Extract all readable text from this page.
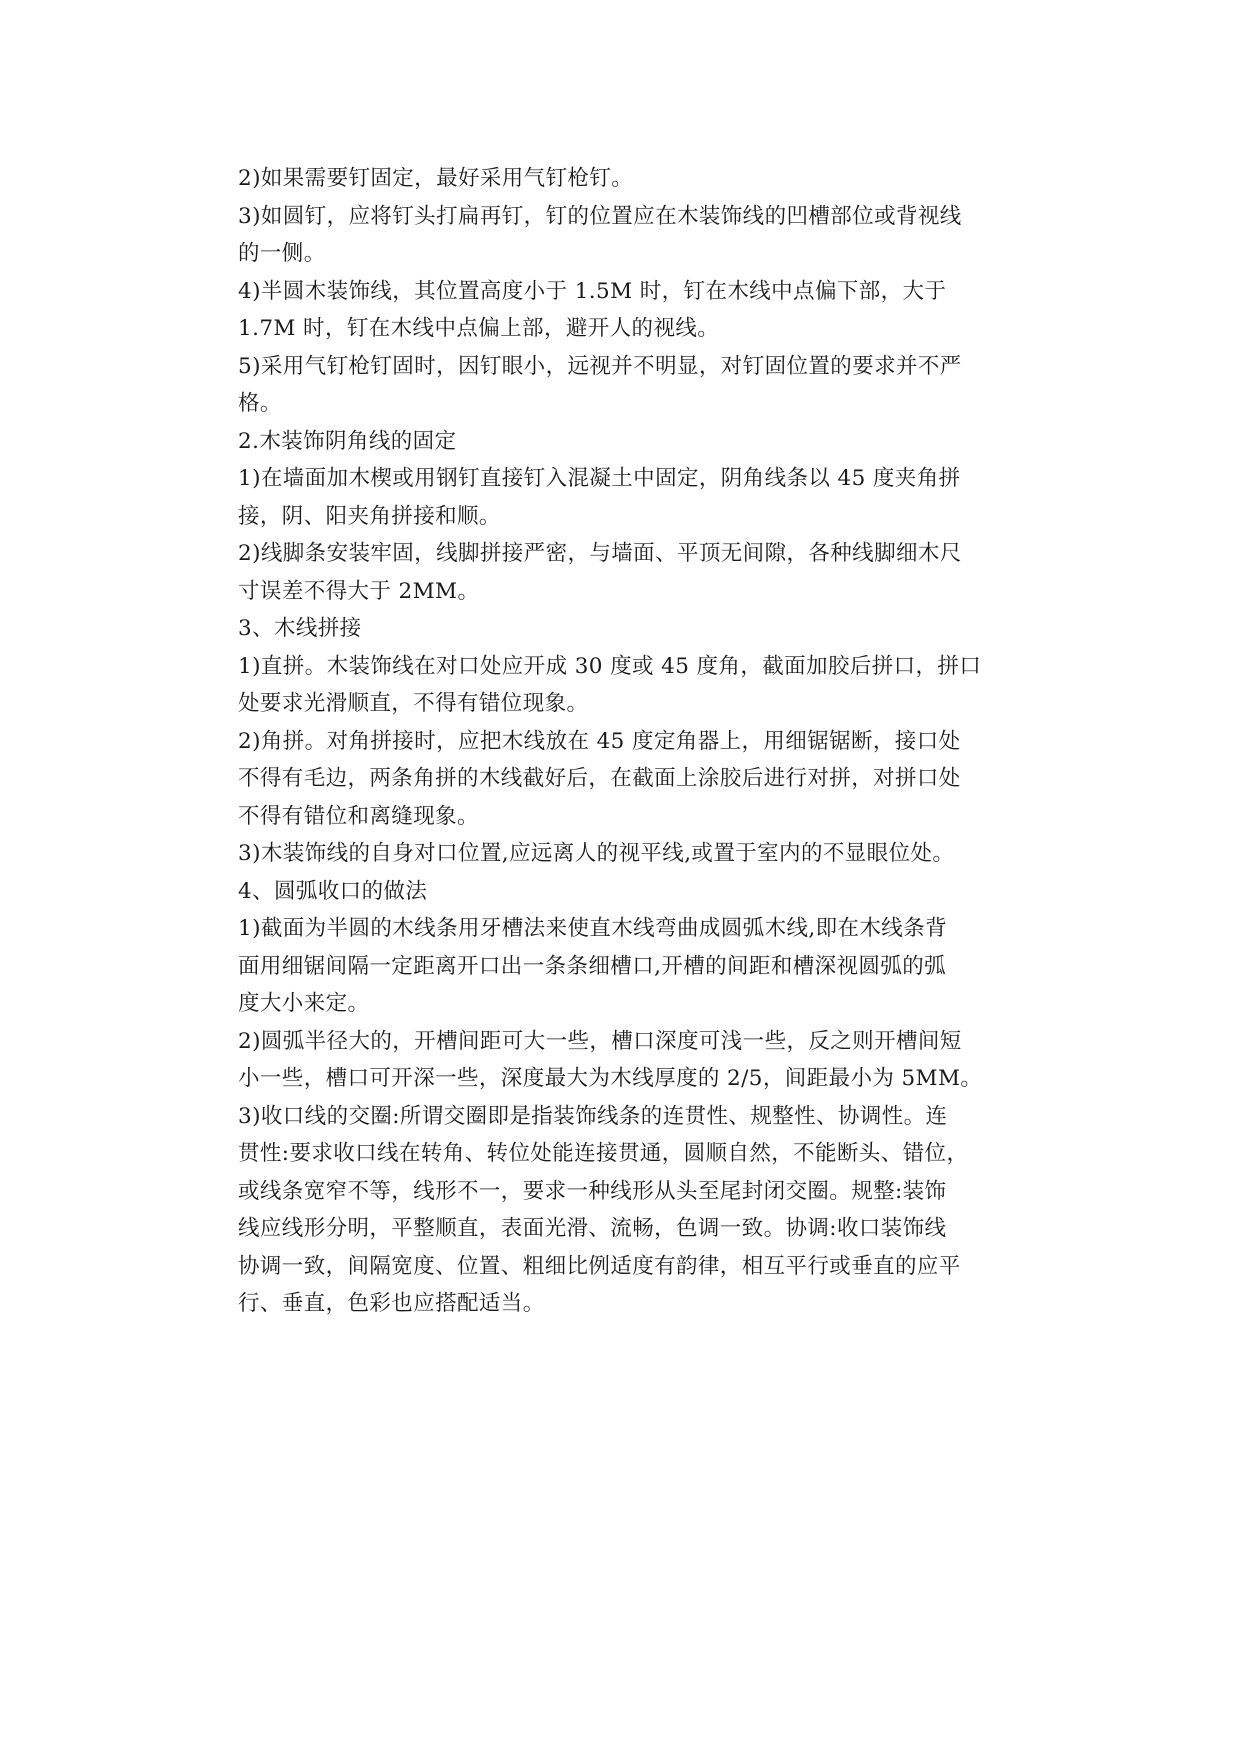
2)如果需要钉固定，最好采用气钉枪钉。
3)如圆钉，应将钉头打扁再钉，钉的位置应在木装饰线的凹槽部位或背视线
的一侧。
4)半圆木装饰线，其位置高度小于 1.5M 时，钉在木线中点偏下部，大于
1.7M 时，钉在木线中点偏上部，避开人的视线。
5)采用气钉枪钉固时，因钉眼小，远视并不明显，对钉固位置的要求并不严
格。
2.木装饰阴角线的固定
1)在墙面加木楔或用钢钉直接钉入混凝土中固定，阴角线条以 45 度夹角拼
接，阴、阳夹角拼接和顺。
2)线脚条安装牢固，线脚拼接严密，与墙面、平顶无间隙，各种线脚细木尺
寸误差不得大于 2MM。
3、木线拼接
1)直拼。木装饰线在对口处应开成 30 度或 45 度角，截面加胶后拼口，拼口
处要求光滑顺直，不得有错位现象。
2)角拼。对角拼接时，应把木线放在 45 度定角器上，用细锯锯断，接口处
不得有毛边，两条角拼的木线截好后，在截面上涂胶后进行对拼，对拼口处
不得有错位和离缝现象。
3)木装饰线的自身对口位置,应远离人的视平线,或置于室内的不显眼位处。
4、圆弧收口的做法
1)截面为半圆的木线条用牙槽法来使直木线弯曲成圆弧木线,即在木线条背
面用细锯间隔一定距离开口出一条条细槽口,开槽的间距和槽深视圆弧的弧
度大小来定。
2)圆弧半径大的，开槽间距可大一些，槽口深度可浅一些，反之则开槽间短
小一些，槽口可开深一些，深度最大为木线厚度的 2/5，间距最小为 5MM。
3)收口线的交圈:所谓交圈即是指装饰线条的连贯性、规整性、协调性。连
贯性:要求收口线在转角、转位处能连接贯通，圆顺自然，不能断头、错位，
或线条宽窄不等，线形不一，要求一种线形从头至尾封闭交圈。规整:装饰
线应线形分明，平整顺直，表面光滑、流畅，色调一致。协调:收口装饰线
协调一致，间隔宽度、位置、粗细比例适度有韵律，相互平行或垂直的应平
行、垂直，色彩也应搭配适当。
